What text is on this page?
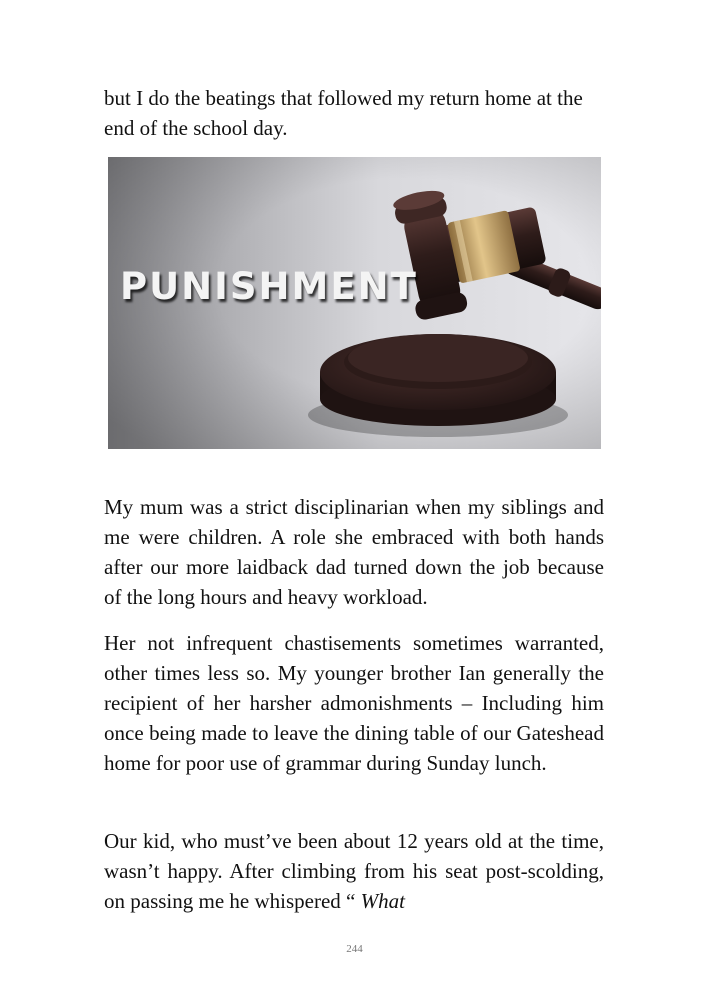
but I do the beatings that followed my return home at the end of the school day.

PUNISHMENT

My mum was a strict disciplinarian when my siblings and me were children. A role she embraced with both hands after our more laidback dad turned down the job because of the long hours and heavy workload.

Her not infrequent chastisements sometimes warranted, other times less so. My younger brother Ian generally the recipient of her harsher admonishments – Including him once being made to leave the dining table of our Gateshead home for poor use of grammar during Sunday lunch.

Our kid, who must’ve been about 12 years old at the time, wasn’t happy. After climbing from his seat post-scolding, on passing me he whispered “ What

244
